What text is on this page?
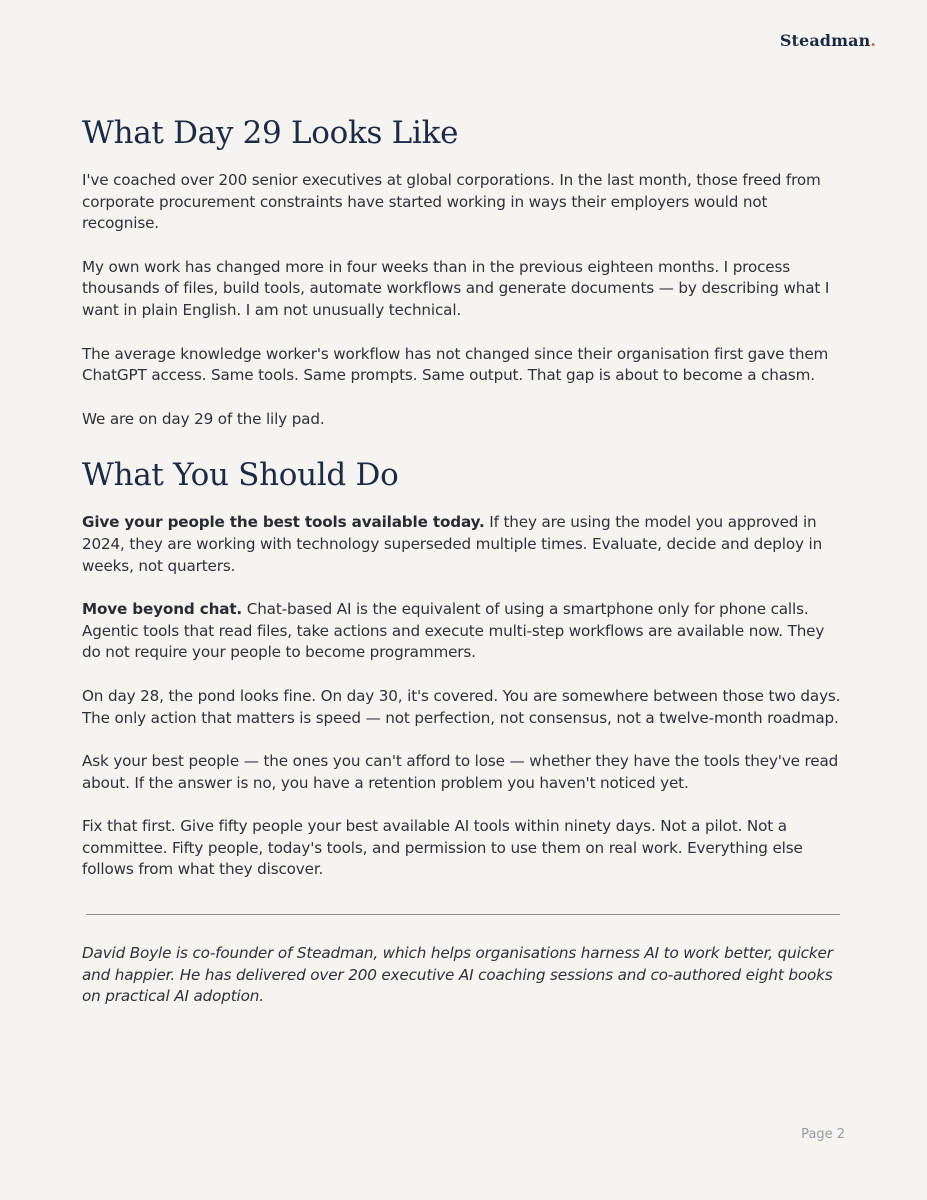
Steadman.
What Day 29 Looks Like

I've coached over 200 senior executives at global corporations. In the last month, those freed from corporate procurement constraints have started working in ways their employers would not recognise.

My own work has changed more in four weeks than in the previous eighteen months. I process thousands of files, build tools, automate workflows and generate documents — by describing what I want in plain English. I am not unusually technical.

The average knowledge worker's workflow has not changed since their organisation first gave them ChatGPT access. Same tools. Same prompts. Same output. That gap is about to become a chasm.

We are on day 29 of the lily pad.

What You Should Do

Give your people the best tools available today. If they are using the model you approved in 2024, they are working with technology superseded multiple times. Evaluate, decide and deploy in weeks, not quarters.

Move beyond chat. Chat-based AI is the equivalent of using a smartphone only for phone calls. Agentic tools that read files, take actions and execute multi-step workflows are available now. They do not require your people to become programmers.

On day 28, the pond looks fine. On day 30, it's covered. You are somewhere between those two days. The only action that matters is speed — not perfection, not consensus, not a twelve-month roadmap.

Ask your best people — the ones you can't afford to lose — whether they have the tools they've read about. If the answer is no, you have a retention problem you haven't noticed yet.

Fix that first. Give fifty people your best available AI tools within ninety days. Not a pilot. Not a committee. Fifty people, today's tools, and permission to use them on real work. Everything else follows from what they discover.

David Boyle is co-founder of Steadman, which helps organisations harness AI to work better, quicker and happier. He has delivered over 200 executive AI coaching sessions and co-authored eight books on practical AI adoption.

Page 2
